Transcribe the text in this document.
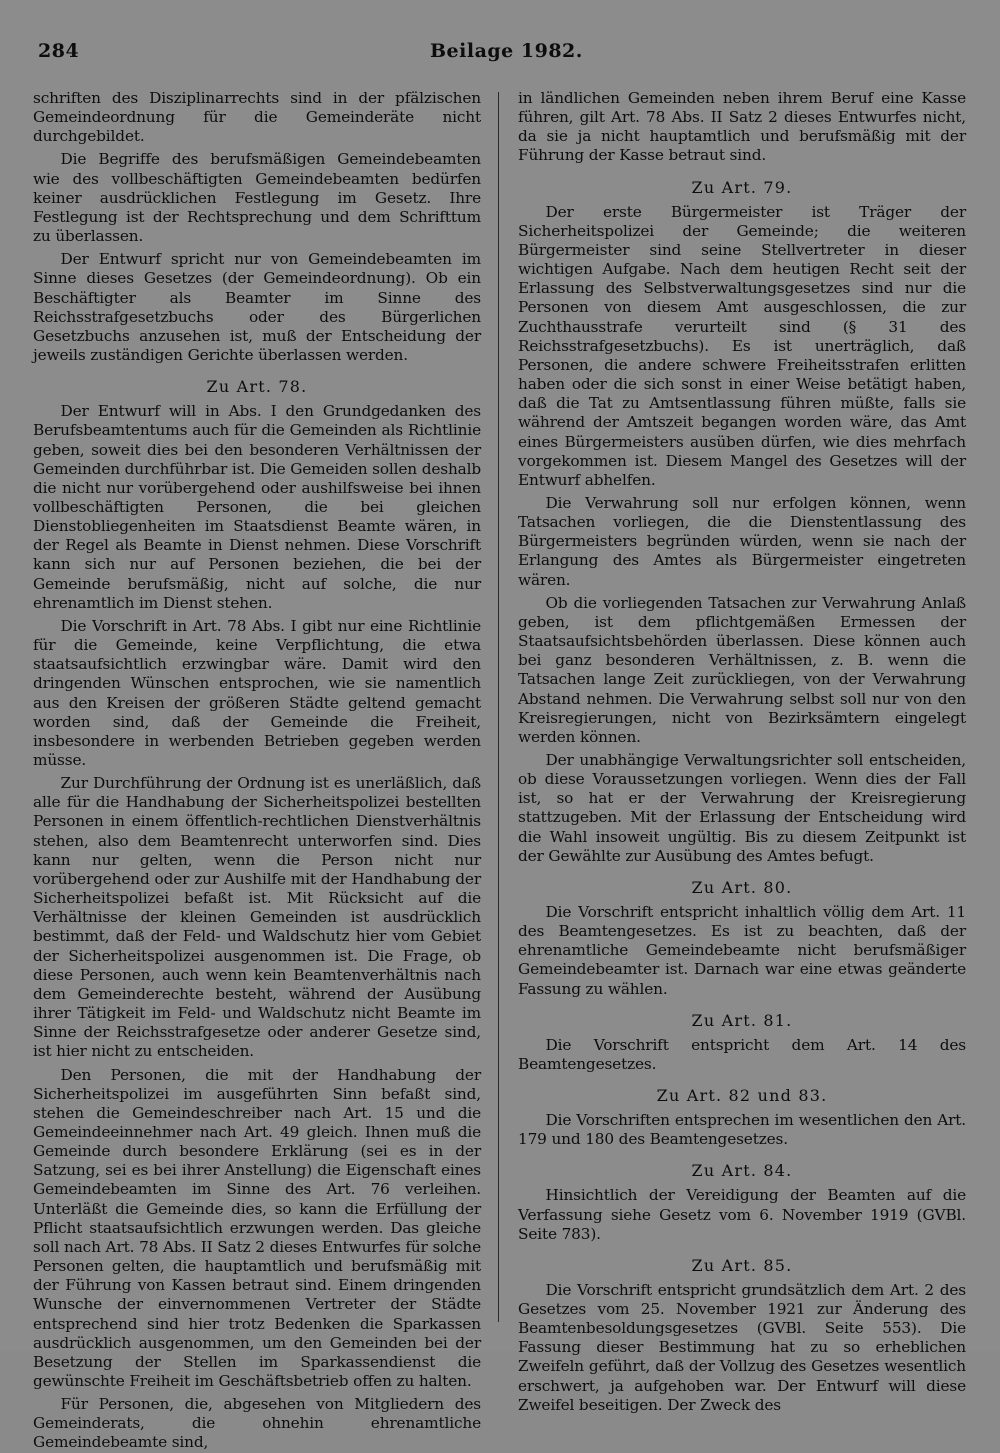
284	Beilage 1982.

schriften des Disziplinarrechts sind in der pfälzischen Gemeindeordnung für die Gemeinderäte nicht durchgebildet.

Die Begriffe des berufsmäßigen Gemeindebeamten wie des vollbeschäftigten Gemeindebeamten bedürfen keiner ausdrücklichen Festlegung im Gesetz. Ihre Festlegung ist der Rechtsprechung und dem Schrifttum zu überlassen.

Der Entwurf spricht nur von Gemeindebeamten im Sinne dieses Gesetzes (der Gemeindeordnung). Ob ein Beschäftigter als Beamter im Sinne des Reichsstrafgesetzbuchs oder des Bürgerlichen Gesetzbuchs anzusehen ist, muß der Entscheidung der jeweils zuständigen Gerichte überlassen werden.

Zu Art. 78.

Der Entwurf will in Abs. I den Grundgedanken des Berufsbeamtentums auch für die Gemeinden als Richtlinie geben, soweit dies bei den besonderen Verhältnissen der Gemeinden durchführbar ist. Die Gemeiden sollen deshalb die nicht nur vorübergehend oder aushilfsweise bei ihnen vollbeschäftigten Personen, die bei gleichen Dienstobliegenheiten im Staatsdienst Beamte wären, in der Regel als Beamte in Dienst nehmen. Diese Vorschrift kann sich nur auf Personen beziehen, die bei der Gemeinde berufsmäßig, nicht auf solche, die nur ehrenamtlich im Dienst stehen.

Die Vorschrift in Art. 78 Abs. I gibt nur eine Richtlinie für die Gemeinde, keine Verpflichtung, die etwa staatsaufsichtlich erzwingbar wäre. Damit wird den dringenden Wünschen entsprochen, wie sie namentlich aus den Kreisen der größeren Städte geltend gemacht worden sind, daß der Gemeinde die Freiheit, insbesondere in werbenden Betrieben gegeben werden müsse.

Zur Durchführung der Ordnung ist es unerläßlich, daß alle für die Handhabung der Sicherheitspolizei bestellten Personen in einem öffentlich-rechtlichen Dienstverhältnis stehen, also dem Beamtenrecht unterworfen sind. Dies kann nur gelten, wenn die Person nicht nur vorübergehend oder zur Aushilfe mit der Handhabung der Sicherheitspolizei befaßt ist. Mit Rücksicht auf die Verhältnisse der kleinen Gemeinden ist ausdrücklich bestimmt, daß der Feld- und Waldschutz hier vom Gebiet der Sicherheitspolizei ausgenommen ist. Die Frage, ob diese Personen, auch wenn kein Beamtenverhältnis nach dem Gemeinderechte besteht, während der Ausübung ihrer Tätigkeit im Feld- und Waldschutz nicht Beamte im Sinne der Reichsstrafgesetze oder anderer Gesetze sind, ist hier nicht zu entscheiden.

Den Personen, die mit der Handhabung der Sicherheitspolizei im ausgeführten Sinn befaßt sind, stehen die Gemeindeschreiber nach Art. 15 und die Gemeindeeinnehmer nach Art. 49 gleich. Ihnen muß die Gemeinde durch besondere Erklärung (sei es in der Satzung, sei es bei ihrer Anstellung) die Eigenschaft eines Gemeindebeamten im Sinne des Art. 76 verleihen. Unterläßt die Gemeinde dies, so kann die Erfüllung der Pflicht staatsaufsichtlich erzwungen werden. Das gleiche soll nach Art. 78 Abs. II Satz 2 dieses Entwurfes für solche Personen gelten, die hauptamtlich und berufsmäßig mit der Führung von Kassen betraut sind. Einem dringenden Wunsche der einvernommenen Vertreter der Städte entsprechend sind hier trotz Bedenken die Sparkassen ausdrücklich ausgenommen, um den Gemeinden bei der Besetzung der Stellen im Sparkassendienst die gewünschte Freiheit im Geschäftsbetrieb offen zu halten.

Für Personen, die, abgesehen von Mitgliedern des Gemeinderats, die ohnehin ehrenamtliche Gemeindebeamte sind,

in ländlichen Gemeinden neben ihrem Beruf eine Kasse führen, gilt Art. 78 Abs. II Satz 2 dieses Entwurfes nicht, da sie ja nicht hauptamtlich und berufsmäßig mit der Führung der Kasse betraut sind.

Zu Art. 79.

Der erste Bürgermeister ist Träger der Sicherheitspolizei der Gemeinde; die weiteren Bürgermeister sind seine Stellvertreter in dieser wichtigen Aufgabe. Nach dem heutigen Recht seit der Erlassung des Selbstverwaltungsgesetzes sind nur die Personen von diesem Amt ausgeschlossen, die zur Zuchthausstrafe verurteilt sind (§ 31 des Reichsstrafgesetzbuchs). Es ist unerträglich, daß Personen, die andere schwere Freiheitsstrafen erlitten haben oder die sich sonst in einer Weise betätigt haben, daß die Tat zu Amtsentlassung führen müßte, falls sie während der Amtszeit begangen worden wäre, das Amt eines Bürgermeisters ausüben dürfen, wie dies mehrfach vorgekommen ist. Diesem Mangel des Gesetzes will der Entwurf abhelfen.

Die Verwahrung soll nur erfolgen können, wenn Tatsachen vorliegen, die die Dienstentlassung des Bürgermeisters begründen würden, wenn sie nach der Erlangung des Amtes als Bürgermeister eingetreten wären.

Ob die vorliegenden Tatsachen zur Verwahrung Anlaß geben, ist dem pflichtgemäßen Ermessen der Staatsaufsichtsbehörden überlassen. Diese können auch bei ganz besonderen Verhältnissen, z. B. wenn die Tatsachen lange Zeit zurückliegen, von der Verwahrung Abstand nehmen. Die Verwahrung selbst soll nur von den Kreisregierungen, nicht von Bezirksämtern eingelegt werden können.

Der unabhängige Verwaltungsrichter soll entscheiden, ob diese Voraussetzungen vorliegen. Wenn dies der Fall ist, so hat er der Verwahrung der Kreisregierung stattzugeben. Mit der Erlassung der Entscheidung wird die Wahl insoweit ungültig. Bis zu diesem Zeitpunkt ist der Gewählte zur Ausübung des Amtes befugt.

Zu Art. 80.

Die Vorschrift entspricht inhaltlich völlig dem Art. 11 des Beamtengesetzes. Es ist zu beachten, daß der ehrenamtliche Gemeindebeamte nicht berufsmäßiger Gemeindebeamter ist. Darnach war eine etwas geänderte Fassung zu wählen.

Zu Art. 81.

Die Vorschrift entspricht dem Art. 14 des Beamtengesetzes.

Zu Art. 82 und 83.

Die Vorschriften entsprechen im wesentlichen den Art. 179 und 180 des Beamtengesetzes.

Zu Art. 84.

Hinsichtlich der Vereidigung der Beamten auf die Verfassung siehe Gesetz vom 6. November 1919 (GVBl. Seite 783).

Zu Art. 85.

Die Vorschrift entspricht grundsätzlich dem Art. 2 des Gesetzes vom 25. November 1921 zur Änderung des Beamtenbesoldungsgesetzes (GVBl. Seite 553). Die Fassung dieser Bestimmung hat zu so erheblichen Zweifeln geführt, daß der Vollzug des Gesetzes wesentlich erschwert, ja aufgehoben war. Der Entwurf will diese Zweifel beseitigen. Der Zweck des
